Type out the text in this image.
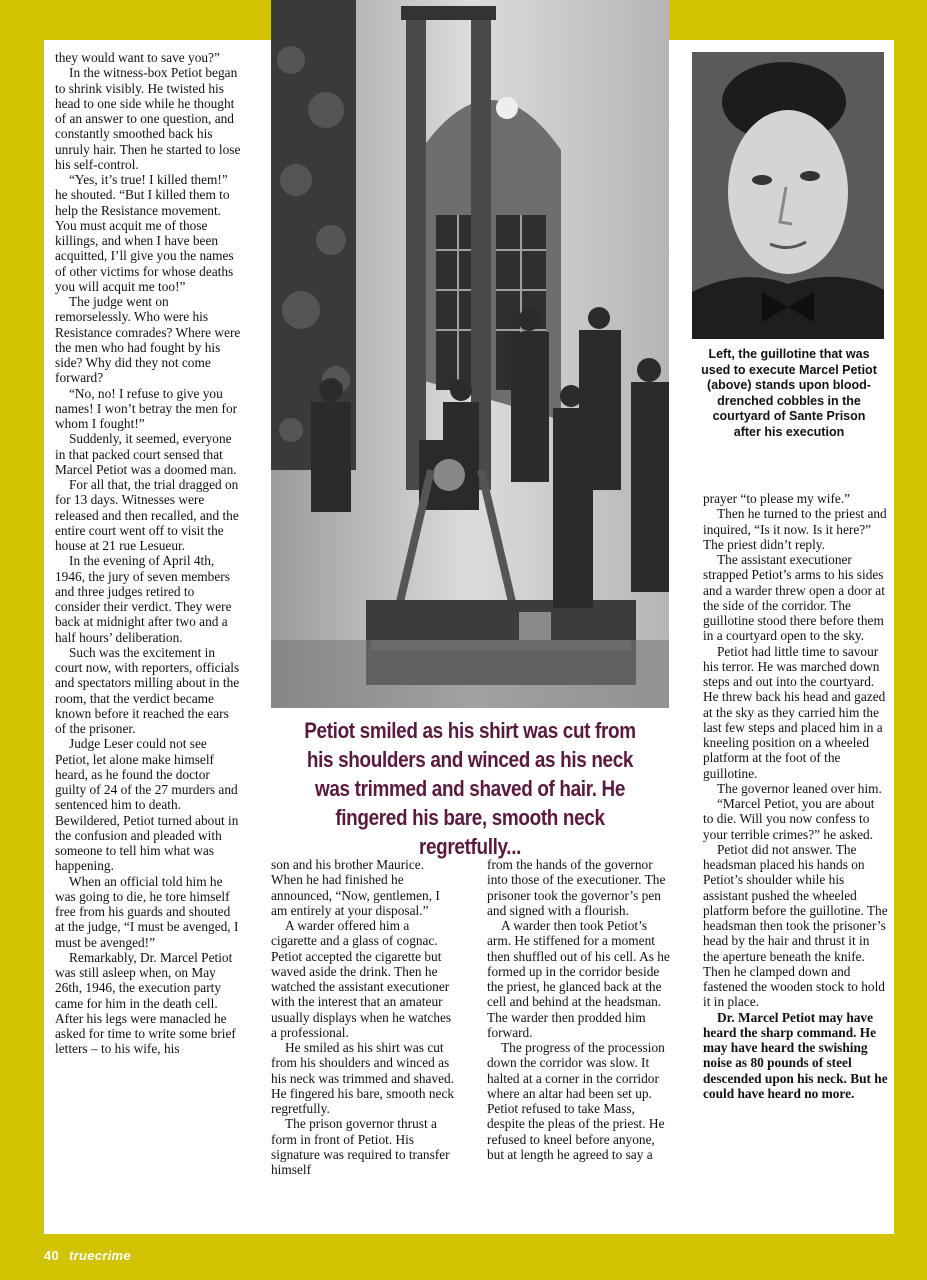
they would want to save you?”

In the witness-box Petiot began to shrink visibly. He twisted his head to one side while he thought of an answer to one question, and constantly smoothed back his unruly hair. Then he started to lose his self-control.

“Yes, it’s true! I killed them!” he shouted. “But I killed them to help the Resistance movement. You must acquit me of those killings, and when I have been acquitted, I’ll give you the names of other victims for whose deaths you will acquit me too!”

The judge went on remorselessly. Who were his Resistance comrades? Where were the men who had fought by his side? Why did they not come forward?

“No, no! I refuse to give you names! I won’t betray the men for whom I fought!”

Suddenly, it seemed, everyone in that packed court sensed that Marcel Petiot was a doomed man.

For all that, the trial dragged on for 13 days. Witnesses were released and then recalled, and the entire court went off to visit the house at 21 rue Lesueur.

In the evening of April 4th, 1946, the jury of seven members and three judges retired to consider their verdict. They were back at midnight after two and a half hours’ deliberation.

Such was the excitement in court now, with reporters, officials and spectators milling about in the room, that the verdict became known before it reached the ears of the prisoner.

Judge Leser could not see Petiot, let alone make himself heard, as he found the doctor guilty of 24 of the 27 murders and sentenced him to death. Bewildered, Petiot turned about in the confusion and pleaded with someone to tell him what was happening.

When an official told him he was going to die, he tore himself free from his guards and shouted at the judge, “I must be avenged, I must be avenged!”

Remarkably, Dr. Marcel Petiot was still asleep when, on May 26th, 1946, the execution party came for him in the death cell. After his legs were manacled he asked for time to write some brief letters – to his wife, his

Petiot smiled as his shirt was cut from his shoulders and winced as his neck was trimmed and shaved of hair. He fingered his bare, smooth neck regretfully...

son and his brother Maurice. When he had finished he announced, “Now, gentlemen, I am entirely at your disposal.”

A warder offered him a cigarette and a glass of cognac. Petiot accepted the cigarette but waved aside the drink. Then he watched the assistant executioner with the interest that an amateur usually displays when he watches a professional.

He smiled as his shirt was cut from his shoulders and winced as his neck was trimmed and shaved. He fingered his bare, smooth neck regretfully.

The prison governor thrust a form in front of Petiot. His signature was required to transfer himself

from the hands of the governor into those of the executioner. The prisoner took the governor’s pen and signed with a flourish.

A warder then took Petiot’s arm. He stiffened for a moment then shuffled out of his cell. As he formed up in the corridor beside the priest, he glanced back at the cell and behind at the headsman. The warder then prodded him forward.

The progress of the procession down the corridor was slow. It halted at a corner in the corridor where an altar had been set up. Petiot refused to take Mass, despite the pleas of the priest. He refused to kneel before anyone, but at length he agreed to say a

Left, the guillotine that was used to execute Marcel Petiot (above) stands upon blood-drenched cobbles in the courtyard of Sante Prison after his execution

prayer “to please my wife.”

Then he turned to the priest and inquired, “Is it now. Is it here?” The priest didn’t reply.

The assistant executioner strapped Petiot’s arms to his sides and a warder threw open a door at the side of the corridor. The guillotine stood there before them in a courtyard open to the sky.

Petiot had little time to savour his terror. He was marched down steps and out into the courtyard. He threw back his head and gazed at the sky as they carried him the last few steps and placed him in a kneeling position on a wheeled platform at the foot of the guillotine.

The governor leaned over him.

“Marcel Petiot, you are about to die. Will you now confess to your terrible crimes?” he asked.

Petiot did not answer. The headsman placed his hands on Petiot’s shoulder while his assistant pushed the wheeled platform before the guillotine. The headsman then took the prisoner’s head by the hair and thrust it in the aperture beneath the knife. Then he clamped down and fastened the wooden stock to hold it in place.

Dr. Marcel Petiot may have heard the sharp command. He may have heard the swishing noise as 80 pounds of steel descended upon his neck. But he could have heard no more.

40 truecrime
